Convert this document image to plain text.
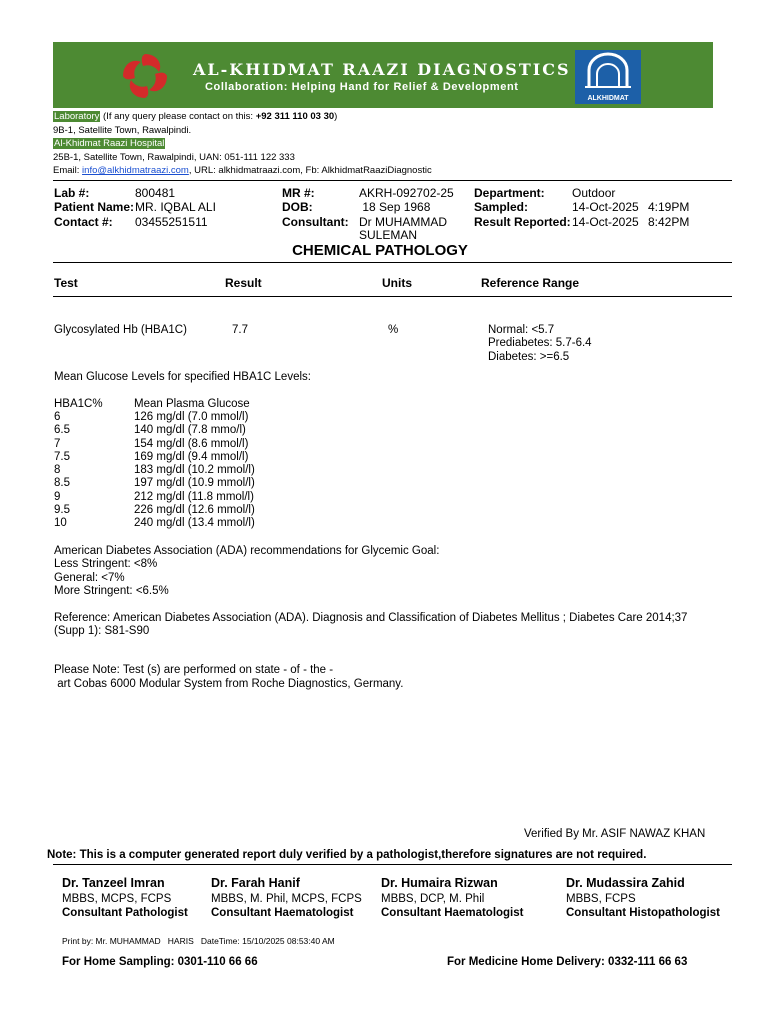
AL-KHIDMAT RAAZI DIAGNOSTICS
Collaboration: Helping Hand for Relief & Development
ALKHIDMAT
Laboratory (If any query please contact on this: +92 311 110 03 30)
9B-1, Satellite Town, Rawalpindi.
Al-Khidmat Raazi Hospital
25B-1, Satellite Town, Rawalpindi, UAN: 051-111 122 333
Email: info@alkhidmatraazi.com, URL: alkhidmatraazi.com, Fb: AlkhidmatRaaziDiagnostic
Lab #:	800481
Patient Name: MR. IQBAL ALI
Contact #: 03455251511
MR #:	AKRH-092702-25
DOB:	18 Sep 1968
Consultant: Dr MUHAMMAD
SULEMAN
Department: Outdoor
Sampled:	14-Oct-2025 4:19PM
Result Reported: 14-Oct-2025 8:42PM
CHEMICAL PATHOLOGY
Test	Result	Units	Reference Range
Glycosylated Hb (HBA1C)	7.7	%	Normal: <5.7
Prediabetes: 5.7-6.4
Diabetes: >=6.5
Mean Glucose Levels for specified HBA1C Levels:
HBA1C%	Mean Plasma Glucose
6	126 mg/dl (7.0 mmol/l)
6.5	140 mg/dl (7.8 mmo/l)
7	154 mg/dl (8.6 mmol/l)
7.5	169 mg/dl (9.4 mmol/l)
8	183 mg/dl (10.2 mmol/l)
8.5	197 mg/dl (10.9 mmol/l)
9	212 mg/dl (11.8 mmol/l)
9.5	226 mg/dl (12.6 mmol/l)
10	240 mg/dl (13.4 mmol/l)
American Diabetes Association (ADA) recommendations for Glycemic Goal:
Less Stringent: <8%
General: <7%
More Stringent: <6.5%
Reference: American Diabetes Association (ADA). Diagnosis and Classification of Diabetes Mellitus ; Diabetes Care 2014;37
(Supp 1): S81-S90
Please Note: Test (s) are performed on state - of - the -
art Cobas 6000 Modular System from Roche Diagnostics, Germany.
Verified By Mr. ASIF NAWAZ KHAN
Note: This is a computer generated report duly verified by a pathologist,therefore signatures are not required.
Dr. Tanzeel Imran
MBBS, MCPS, FCPS
Consultant Pathologist
Dr. Farah Hanif
MBBS, M. Phil, MCPS, FCPS
Consultant Haematologist
Dr. Humaira Rizwan
MBBS, DCP, M. Phil
Consultant Haematologist
Dr. Mudassira Zahid
MBBS, FCPS
Consultant Histopathologist
Print by: Mr. MUHAMMAD   HARIS   DateTime: 15/10/2025 08:53:40 AM
For Home Sampling: 0301-110 66 66	For Medicine Home Delivery: 0332-111 66 63
